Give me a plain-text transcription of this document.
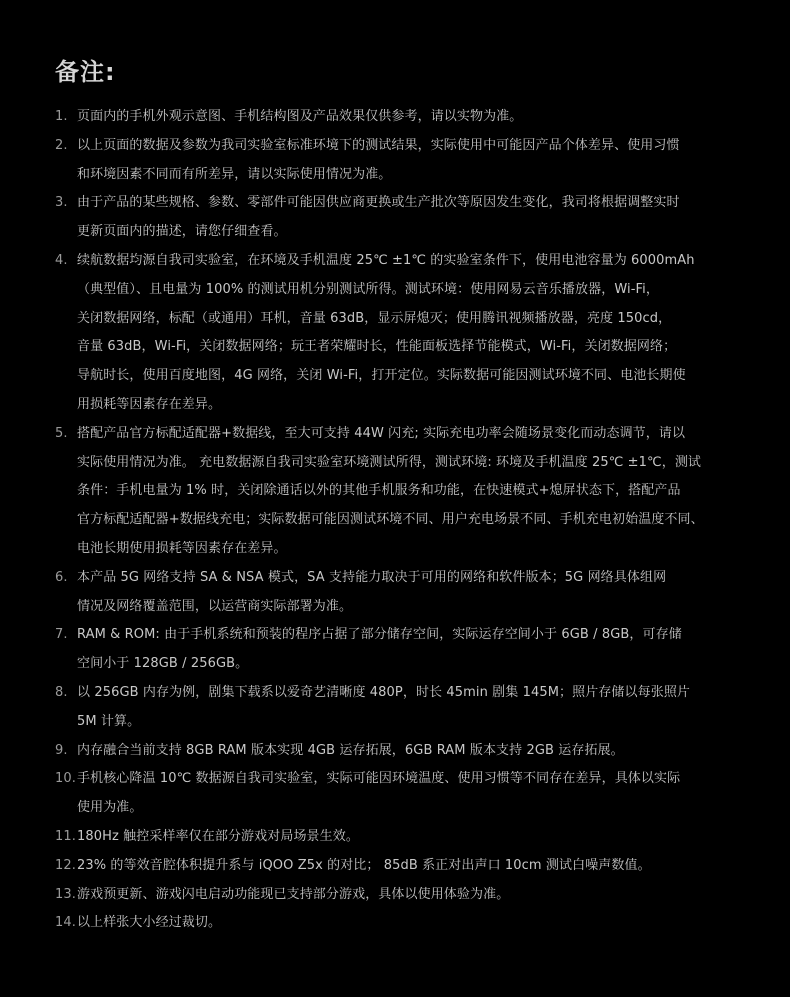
备注:
1. 页面内的手机外观示意图、手机结构图及产品效果仅供参考，请以实物为准。
2. 以上页面的数据及参数为我司实验室标准环境下的测试结果，实际使用中可能因产品个体差异、使用习惯
和环境因素不同而有所差异，请以实际使用情况为准。
3. 由于产品的某些规格、参数、零部件可能因供应商更换或生产批次等原因发生变化，我司将根据调整实时
更新页面内的描述，请您仔细查看。
4. 续航数据均源自我司实验室，在环境及手机温度 25℃ ±1℃ 的实验室条件下，使用电池容量为 6000mAh
（典型值）、且电量为 100% 的测试用机分别测试所得。测试环境：使用网易云音乐播放器，Wi-Fi，
关闭数据网络，标配（或通用）耳机，音量 63dB，显示屏熄灭；使用腾讯视频播放器，亮度 150cd，
音量 63dB，Wi-Fi，关闭数据网络；玩王者荣耀时长，性能面板选择节能模式，Wi-Fi，关闭数据网络；
导航时长，使用百度地图，4G 网络，关闭 Wi-Fi，打开定位。实际数据可能因测试环境不同、电池长期使
用损耗等因素存在差异。
5. 搭配产品官方标配适配器+数据线，至大可支持 44W 闪充; 实际充电功率会随场景变化而动态调节，请以
实际使用情况为准。 充电数据源自我司实验室环境测试所得，测试环境: 环境及手机温度 25℃ ±1℃，测试
条件：手机电量为 1% 时，关闭除通话以外的其他手机服务和功能，在快速模式+熄屏状态下，搭配产品
官方标配适配器+数据线充电；实际数据可能因测试环境不同、用户充电场景不同、手机充电初始温度不同、
电池长期使用损耗等因素存在差异。
6. 本产品 5G 网络支持 SA & NSA 模式，SA 支持能力取决于可用的网络和软件版本；5G 网络具体组网
情况及网络覆盖范围，以运营商实际部署为准。
7. RAM & ROM: 由于手机系统和预装的程序占据了部分储存空间，实际运存空间小于 6GB / 8GB，可存储
空间小于 128GB / 256GB。
8. 以 256GB 内存为例，剧集下载系以爱奇艺清晰度 480P，时长 45min 剧集 145M；照片存储以每张照片
5M 计算。
9. 内存融合当前支持 8GB RAM 版本实现 4GB 运存拓展，6GB RAM 版本支持 2GB 运存拓展。
10. 手机核心降温 10℃ 数据源自我司实验室，实际可能因环境温度、使用习惯等不同存在差异，具体以实际
使用为准。
11. 180Hz 触控采样率仅在部分游戏对局场景生效。
12. 23% 的等效音腔体积提升系与 iQOO Z5x 的对比； 85dB 系正对出声口 10cm 测试白噪声数值。
13. 游戏预更新、游戏闪电启动功能现已支持部分游戏，具体以使用体验为准。
14. 以上样张大小经过裁切。
